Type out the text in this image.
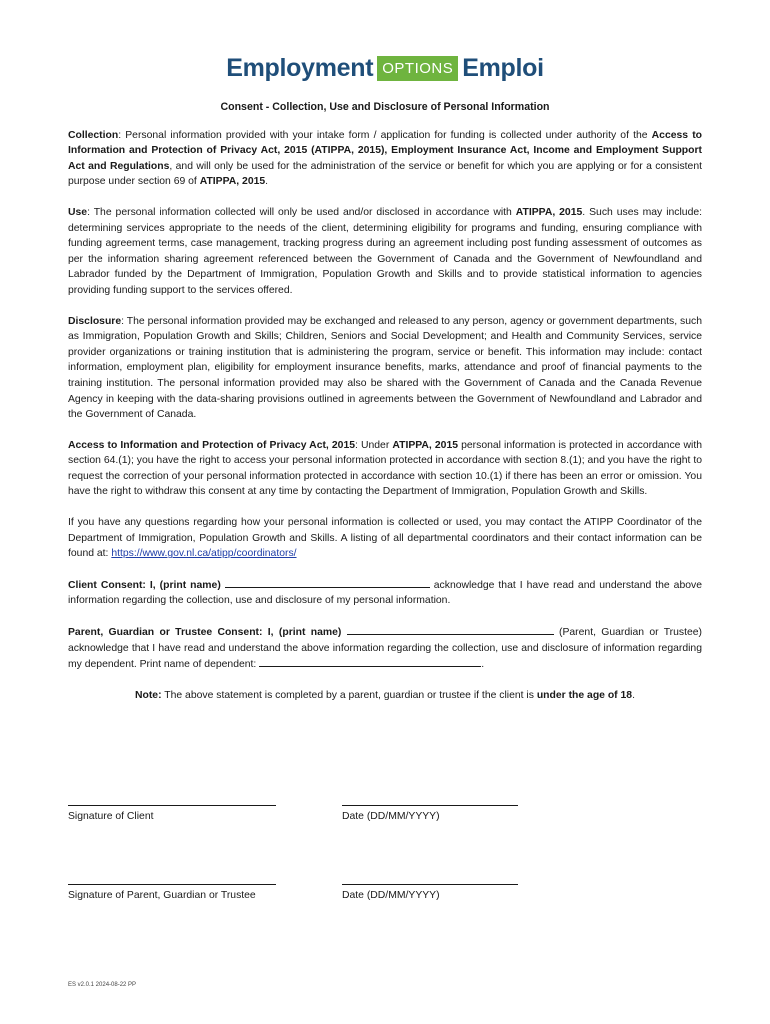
Employment OPTIONS Emploi
Consent - Collection, Use and Disclosure of Personal Information

Collection: Personal information provided with your intake form / application for funding is collected under authority of the Access to Information and Protection of Privacy Act, 2015 (ATIPPA, 2015), Employment Insurance Act, Income and Employment Support Act and Regulations, and will only be used for the administration of the service or benefit for which you are applying or for a consistent purpose under section 69 of ATIPPA, 2015.

Use: The personal information collected will only be used and/or disclosed in accordance with ATIPPA, 2015. Such uses may include: determining services appropriate to the needs of the client, determining eligibility for programs and funding, ensuring compliance with funding agreement terms, case management, tracking progress during an agreement including post funding assessment of outcomes as per the information sharing agreement referenced between the Government of Canada and the Government of Newfoundland and Labrador funded by the Department of Immigration, Population Growth and Skills and to provide statistical information to agencies providing funding support to the services offered.

Disclosure: The personal information provided may be exchanged and released to any person, agency or government departments, such as Immigration, Population Growth and Skills; Children, Seniors and Social Development; and Health and Community Services, service provider organizations or training institution that is administering the program, service or benefit. This information may include: contact information, employment plan, eligibility for employment insurance benefits, marks, attendance and proof of financial payments to the training institution. The personal information provided may also be shared with the Government of Canada and the Canada Revenue Agency in keeping with the data-sharing provisions outlined in agreements between the Government of Newfoundland and Labrador and the Government of Canada.

Access to Information and Protection of Privacy Act, 2015: Under ATIPPA, 2015 personal information is protected in accordance with section 64.(1); you have the right to access your personal information protected in accordance with section 8.(1); and you have the right to request the correction of your personal information protected in accordance with section 10.(1) if there has been an error or omission. You have the right to withdraw this consent at any time by contacting the Department of Immigration, Population Growth and Skills.

If you have any questions regarding how your personal information is collected or used, you may contact the ATIPP Coordinator of the Department of Immigration, Population Growth and Skills. A listing of all departmental coordinators and their contact information can be found at: https://www.gov.nl.ca/atipp/coordinators/

Client Consent: I, (print name)	acknowledge that I have read and understand the above information regarding the collection, use and disclosure of my personal information.

Parent, Guardian or Trustee Consent: I, (print name)	(Parent, Guardian or Trustee) acknowledge that I have read and understand the above information regarding the collection, use and disclosure of information regarding my dependent. Print name of dependent:	.

Note: The above statement is completed by a parent, guardian or trustee if the client is under the age of 18.

Signature of Client	Date (DD/MM/YYYY)
Signature of Parent, Guardian or Trustee	Date (DD/MM/YYYY)
ES v2.0.1 2024-08-22 PP
